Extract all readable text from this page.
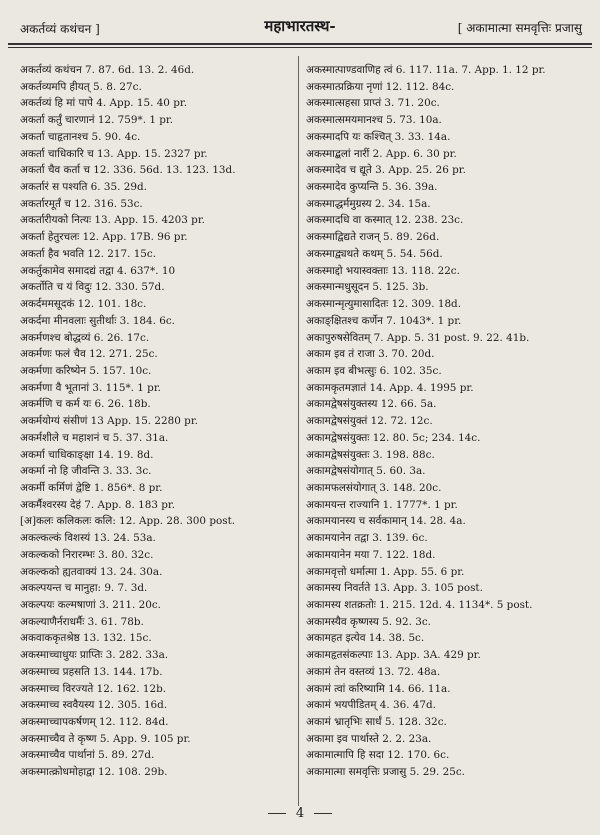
अकर्तव्यं कथंचन ]	महाभारतस्थ-	[ अकामात्मा समवृत्तिः प्रजासु
अकर्तव्यं कथंचन 7. 87. 6d. 13. 2. 46d.
अकर्तव्यमपि हीयत् 5. 8. 27c.
अकर्तव्यं हि मां पापे 4. App. 15. 40 pr.
अकर्ता कर्तुं चारणानं 12. 759*. 1 pr.
अकर्ता चाहृतानश्च 5. 90. 4c.
अकर्ता चाधिकारि च 13. App. 15. 2327 pr.
अकर्ता चैव कर्ता च 12. 336. 56d. 13. 123. 13d.
अकर्तारं स पश्यति 6. 35. 29d.
अकर्तारमूर्तं च 12. 316. 53c.
अकर्तारीयको नित्यः 13. App. 15. 4203 pr.
अकर्ता हेतुरचलः 12. App. 17B. 96 pr.
अकर्ता हैव भवति 12. 217. 15c.
अकर्तुकामेव समादद्यं तद्वा 4. 637*. 10
अकर्तोति च यं विदुः 12. 330. 57d.
अकर्दममसूदकं 12. 101. 18c.
अकर्दमा मीनवलाः सुतीर्थाः 3. 184. 6c.
अकर्मणश्च बोद्धव्यं 6. 26. 17c.
अकर्मणः फलं चैव 12. 271. 25c.
अकर्मणा करिष्येन 5. 157. 10c.
अकर्मणा वै भूतानां 3. 115*. 1 pr.
अकर्मणि च कर्म यः 6. 26. 18b.
अकर्मयोग्यं संसीणं 13 App. 15. 2280 pr.
अकर्मशीले च महाशनं च 5. 37. 31a.
अकर्मा चाधिकाङ्क्षा 14. 19. 8d.
अकर्मा नो हि जीवन्ति 3. 33. 3c.
अकर्मी कर्मिणं द्वेष्टि 1. 856*. 8 pr.
अकर्मैश्वरस्य देहं 7. App. 8. 183 pr.
[अ]कलः कलिकलः कलि: 12. App. 28. 300 post.
अकल्कल्कं विशस्यं 13. 24. 53a.
अकल्कको निरारम्भः 3. 80. 32c.
अकल्कको ह्यतवाक्यं 13. 24. 30a.
अकल्पयन्त च मानुहा: 9. 7. 3d.
अकल्पयः कल्मषाणां 3. 211. 20c.
अकल्याणैर्नराधर्मैः 3. 61. 78b.
अकवाककृतश्रेष्ठ 13. 132. 15c.
अकस्माच्चाधुयः प्राप्तिः 3. 282. 33a.
अकस्माच्च प्रहसति 13. 144. 17b.
अकस्माच्च विरज्यते 12. 162. 12b.
अकस्माच्च स्ववैयस्य 12. 305. 16d.
अकस्माच्चापकर्षणम् 12. 112. 84d.
अकस्माच्चैव ते कृष्ण 5. App. 9. 105 pr.
अकस्माच्चैव पार्थानां 5. 89. 27d.
अकस्मात्क्रोधमोहाद्वा 12. 108. 29b.
अकस्मात्पाण्डवाणिह त्वं 6. 117. 11a. 7. App. 1. 12 pr.
अकस्मात्प्रक्रिया नृणां 12. 112. 84c.
अकस्मात्सहसा प्राप्तं 3. 71. 20c.
अकस्मात्समयमानश्च 5. 73. 10a.
अकस्मादपि यः कश्चित् 3. 33. 14a.
अकस्माद्बलां नारीं 2. App. 6. 30 pr.
अकस्मादेव च द्यूते 3. App. 25. 26 pr.
अकस्मादेव कुप्यन्ति 5. 36. 39a.
अकस्माद्धर्ममुग्रस्य 2. 34. 15a.
अकस्मादधि वा कस्मात् 12. 238. 23c.
अकस्माद्विद्यते राजन् 5. 89. 26d.
अकस्माद्व्यथते कथम् 5. 54. 56d.
अकस्माद्दो भयास्वक्ताः 13. 118. 22c.
अकस्मान्मधुसूदन 5. 125. 3b.
अकस्मान्मृत्युमासादितः 12. 309. 18d.
अकाङ्क्षितश्च कर्णेन 7. 1043*. 1 pr.
अकापुरुषसेवितम् 7. App. 5. 31 post. 9. 22. 41b.
अकाम इव तं राजा 3. 70. 20d.
अकाम इव बीभत्सुः 6. 102. 35c.
अकामकृतमज्ञातं 14. App. 4. 1995 pr.
अकामद्वेषसंयुक्तस्य 12. 66. 5a.
अकामद्वेषसंयुक्तं 12. 72. 12c.
अकामद्वेषसंयुक्तः 12. 80. 5c; 234. 14c.
अकामद्वेषसंयुक्तः 3. 198. 88c.
अकामद्वेषसंयोगात् 5. 60. 3a.
अकामफलसंयोगात् 3. 148. 20c.
अकामयन्त राज्यानि 1. 1777*. 1 pr.
अकामयानस्य च सर्वकामान् 14. 28. 4a.
अकामयानेन तद्वा 3. 139. 6c.
अकामयानेन मया 7. 122. 18d.
अकामवृत्तो धर्मात्मा 1. App. 55. 6 pr.
अकामस्य निवर्तते 13. App. 3. 105 post.
अकामस्य शतक्रतोः 1. 215. 12d. 4. 1134*. 5 post.
अकामस्यैव कृष्णस्य 5. 92. 3c.
अकामहत इत्येव 14. 38. 5c.
अकामहृतसंकल्पाः 13. App. 3A. 429 pr.
अकामं तेन वस्तव्यं 13. 72. 48a.
अकामं त्वां करिष्यामि 14. 66. 11a.
अकामं भयपीडितम् 4. 36. 47d.
अकामं भ्रातृभिः सार्धं 5. 128. 32c.
अकामा इव पार्थास्ते 2. 2. 23a.
अकामात्मापि हि सदा 12. 170. 6c.
अकामात्मा समवृत्तिः प्रजासु 5. 29. 25c.
4
